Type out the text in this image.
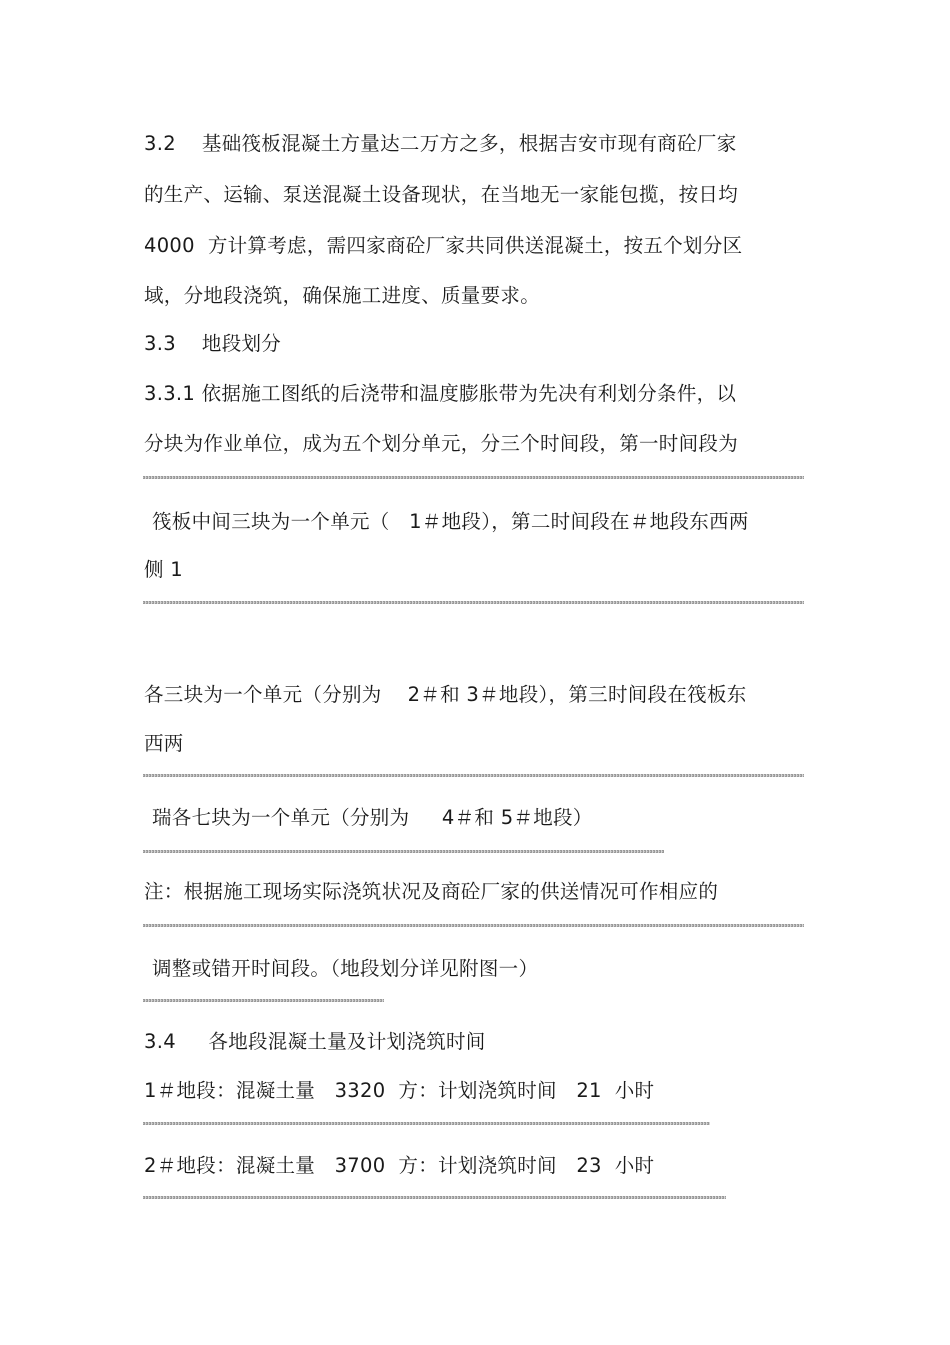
3.2    基础筏板混凝土方量达二万方之多，根据吉安市现有商砼厂家
的生产、运输、泵送混凝土设备现状，在当地无一家能包揽，按日均
4000  方计算考虑，需四家商砼厂家共同供送混凝土，按五个划分区
域，分地段浇筑，确保施工进度、质量要求。
3.3    地段划分
3.3.1 依据施工图纸的后浇带和温度膨胀带为先决有利划分条件，以
分块为作业单位，成为五个划分单元，分三个时间段，第一时间段为
筏板中间三块为一个单元（   1＃地段），第二时间段在＃地段东西两
侧 1
各三块为一个单元（分别为    2＃和 3＃地段），第三时间段在筏板东
西两
瑞各七块为一个单元（分别为     4＃和 5＃地段）
注：根据施工现场实际浇筑状况及商砼厂家的供送情况可作相应的
调整或错开时间段。（地段划分详见附图一）
3.4     各地段混凝土量及计划浇筑时间
1＃地段：混凝土量   3320  方：计划浇筑时间   21  小时
2＃地段：混凝土量   3700  方：计划浇筑时间   23  小时
